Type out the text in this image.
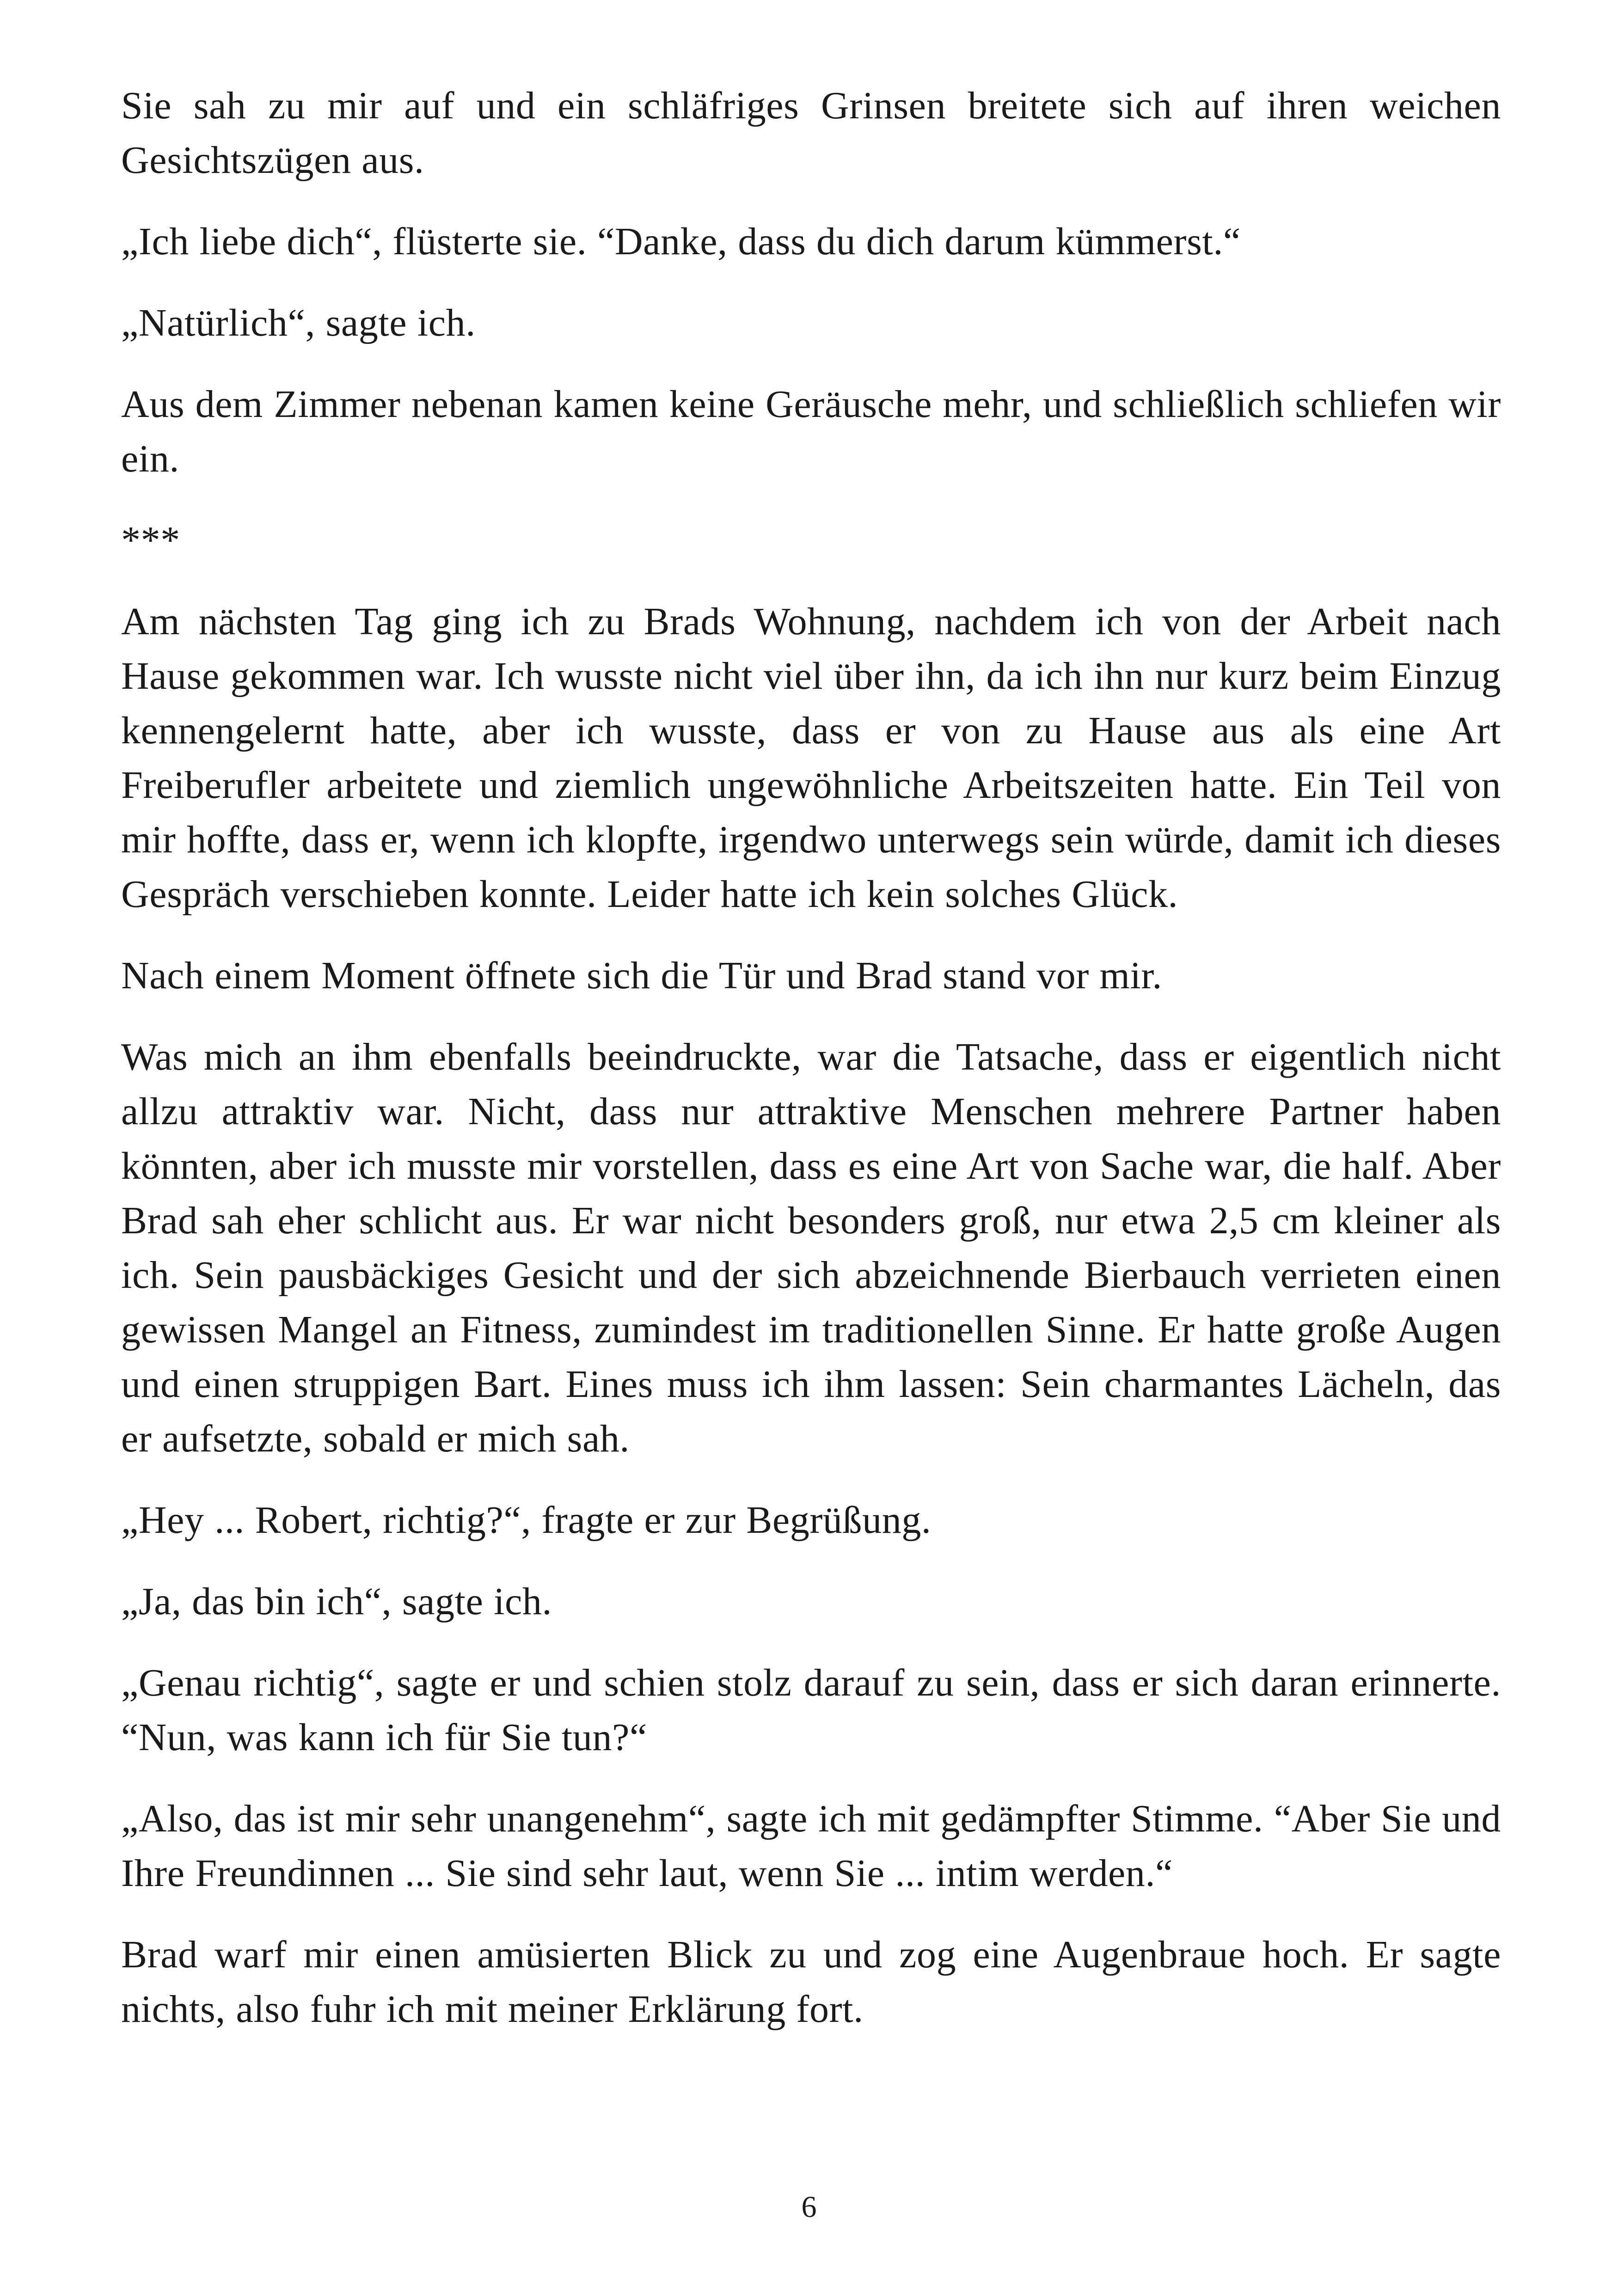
Sie sah zu mir auf und ein schläfriges Grinsen breitete sich auf ihren weichen Gesichtszügen aus.

„Ich liebe dich“, flüsterte sie. “Danke, dass du dich darum kümmerst.“

„Natürlich“, sagte ich.

Aus dem Zimmer nebenan kamen keine Geräusche mehr, und schließlich schliefen wir ein.

***

Am nächsten Tag ging ich zu Brads Wohnung, nachdem ich von der Arbeit nach Hause gekommen war. Ich wusste nicht viel über ihn, da ich ihn nur kurz beim Einzug kennengelernt hatte, aber ich wusste, dass er von zu Hause aus als eine Art Freiberufler arbeitete und ziemlich ungewöhnliche Arbeitszeiten hatte. Ein Teil von mir hoffte, dass er, wenn ich klopfte, irgendwo unterwegs sein würde, damit ich dieses Gespräch verschieben konnte. Leider hatte ich kein solches Glück.

Nach einem Moment öffnete sich die Tür und Brad stand vor mir.

Was mich an ihm ebenfalls beeindruckte, war die Tatsache, dass er eigentlich nicht allzu attraktiv war. Nicht, dass nur attraktive Menschen mehrere Partner haben könnten, aber ich musste mir vorstellen, dass es eine Art von Sache war, die half. Aber Brad sah eher schlicht aus. Er war nicht besonders groß, nur etwa 2,5 cm kleiner als ich. Sein pausbäckiges Gesicht und der sich abzeichnende Bierbauch verrieten einen gewissen Mangel an Fitness, zumindest im traditionellen Sinne. Er hatte große Augen und einen struppigen Bart. Eines muss ich ihm lassen: Sein charmantes Lächeln, das er aufsetzte, sobald er mich sah.

„Hey ... Robert, richtig?“, fragte er zur Begrüßung.

„Ja, das bin ich“, sagte ich.

„Genau richtig“, sagte er und schien stolz darauf zu sein, dass er sich daran erinnerte. “Nun, was kann ich für Sie tun?“

„Also, das ist mir sehr unangenehm“, sagte ich mit gedämpfter Stimme. “Aber Sie und Ihre Freundinnen ... Sie sind sehr laut, wenn Sie ... intim werden.“

Brad warf mir einen amüsierten Blick zu und zog eine Augenbraue hoch. Er sagte nichts, also fuhr ich mit meiner Erklärung fort.

6
